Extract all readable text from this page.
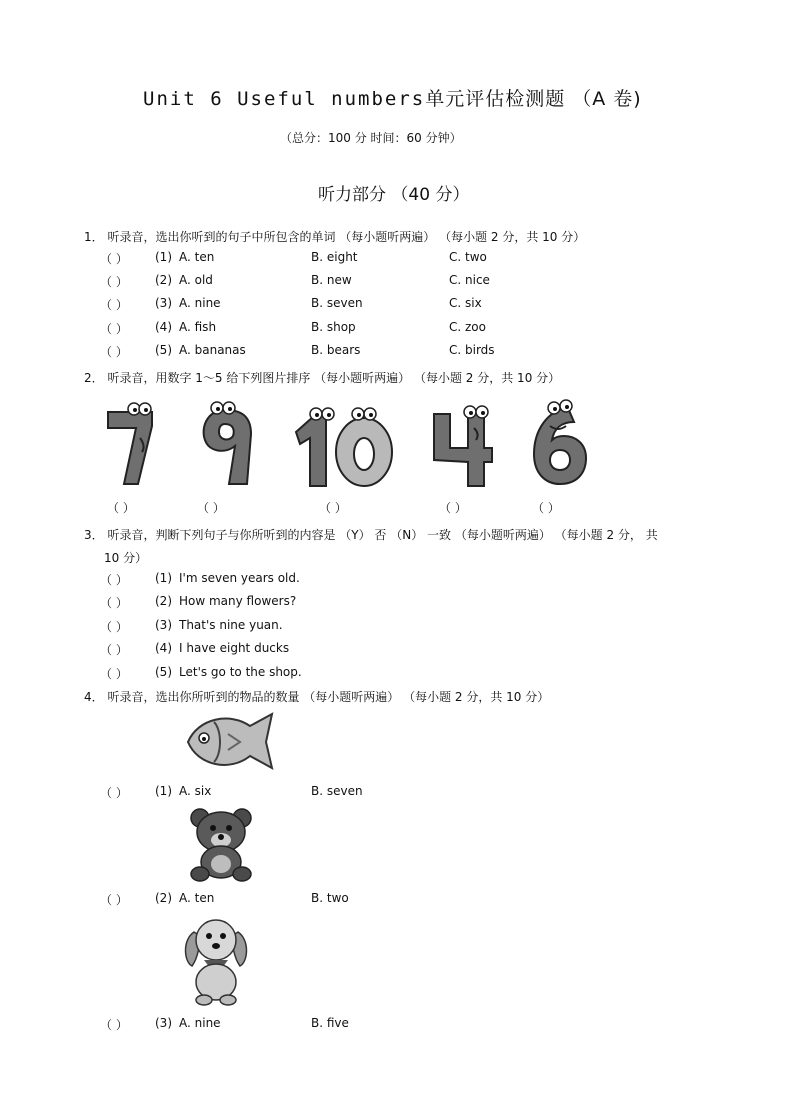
Unit 6 Useful numbers单元评估检测题 （A 卷)
（总分：100 分 时间：60 分钟）
听力部分 （40 分）
1． 听录音，选出你听到的句子中所包含的单词 （每小题听两遍） （每小题 2 分，共 10 分）
（ ） (1) A. ten	B. eight	C. two
（ ） (2) A. old	B. new	C. nice
（ ） (3) A. nine	B. seven	C. six
（ ） (4) A. fish	B. shop	C. zoo
（ ） (5) A. bananas	B. bears	C. birds
2． 听录音，用数字 1～5 给下列图片排序 （每小题听两遍） （每小题 2 分，共 10 分）
（ ）	（ ）	（ ）	（ ）	（ ）
3． 听录音，判断下列句子与你所听到的内容是 （Y） 否 （N） 一致 （每小题听两遍） （每小题 2 分， 共
10 分）
（ ） (1) I'm seven years old.
（ ） (2) How many flowers?
（ ） (3) That's nine yuan.
（ ） (4) I have eight ducks
（ ） (5) Let's go to the shop.
4． 听录音，选出你所听到的物品的数量 （每小题听两遍） （每小题 2 分，共 10 分）
（ ） (1) A. six	B. seven
（ ） (2) A. ten	B. two
（ ） (3) A. nine	B. five
